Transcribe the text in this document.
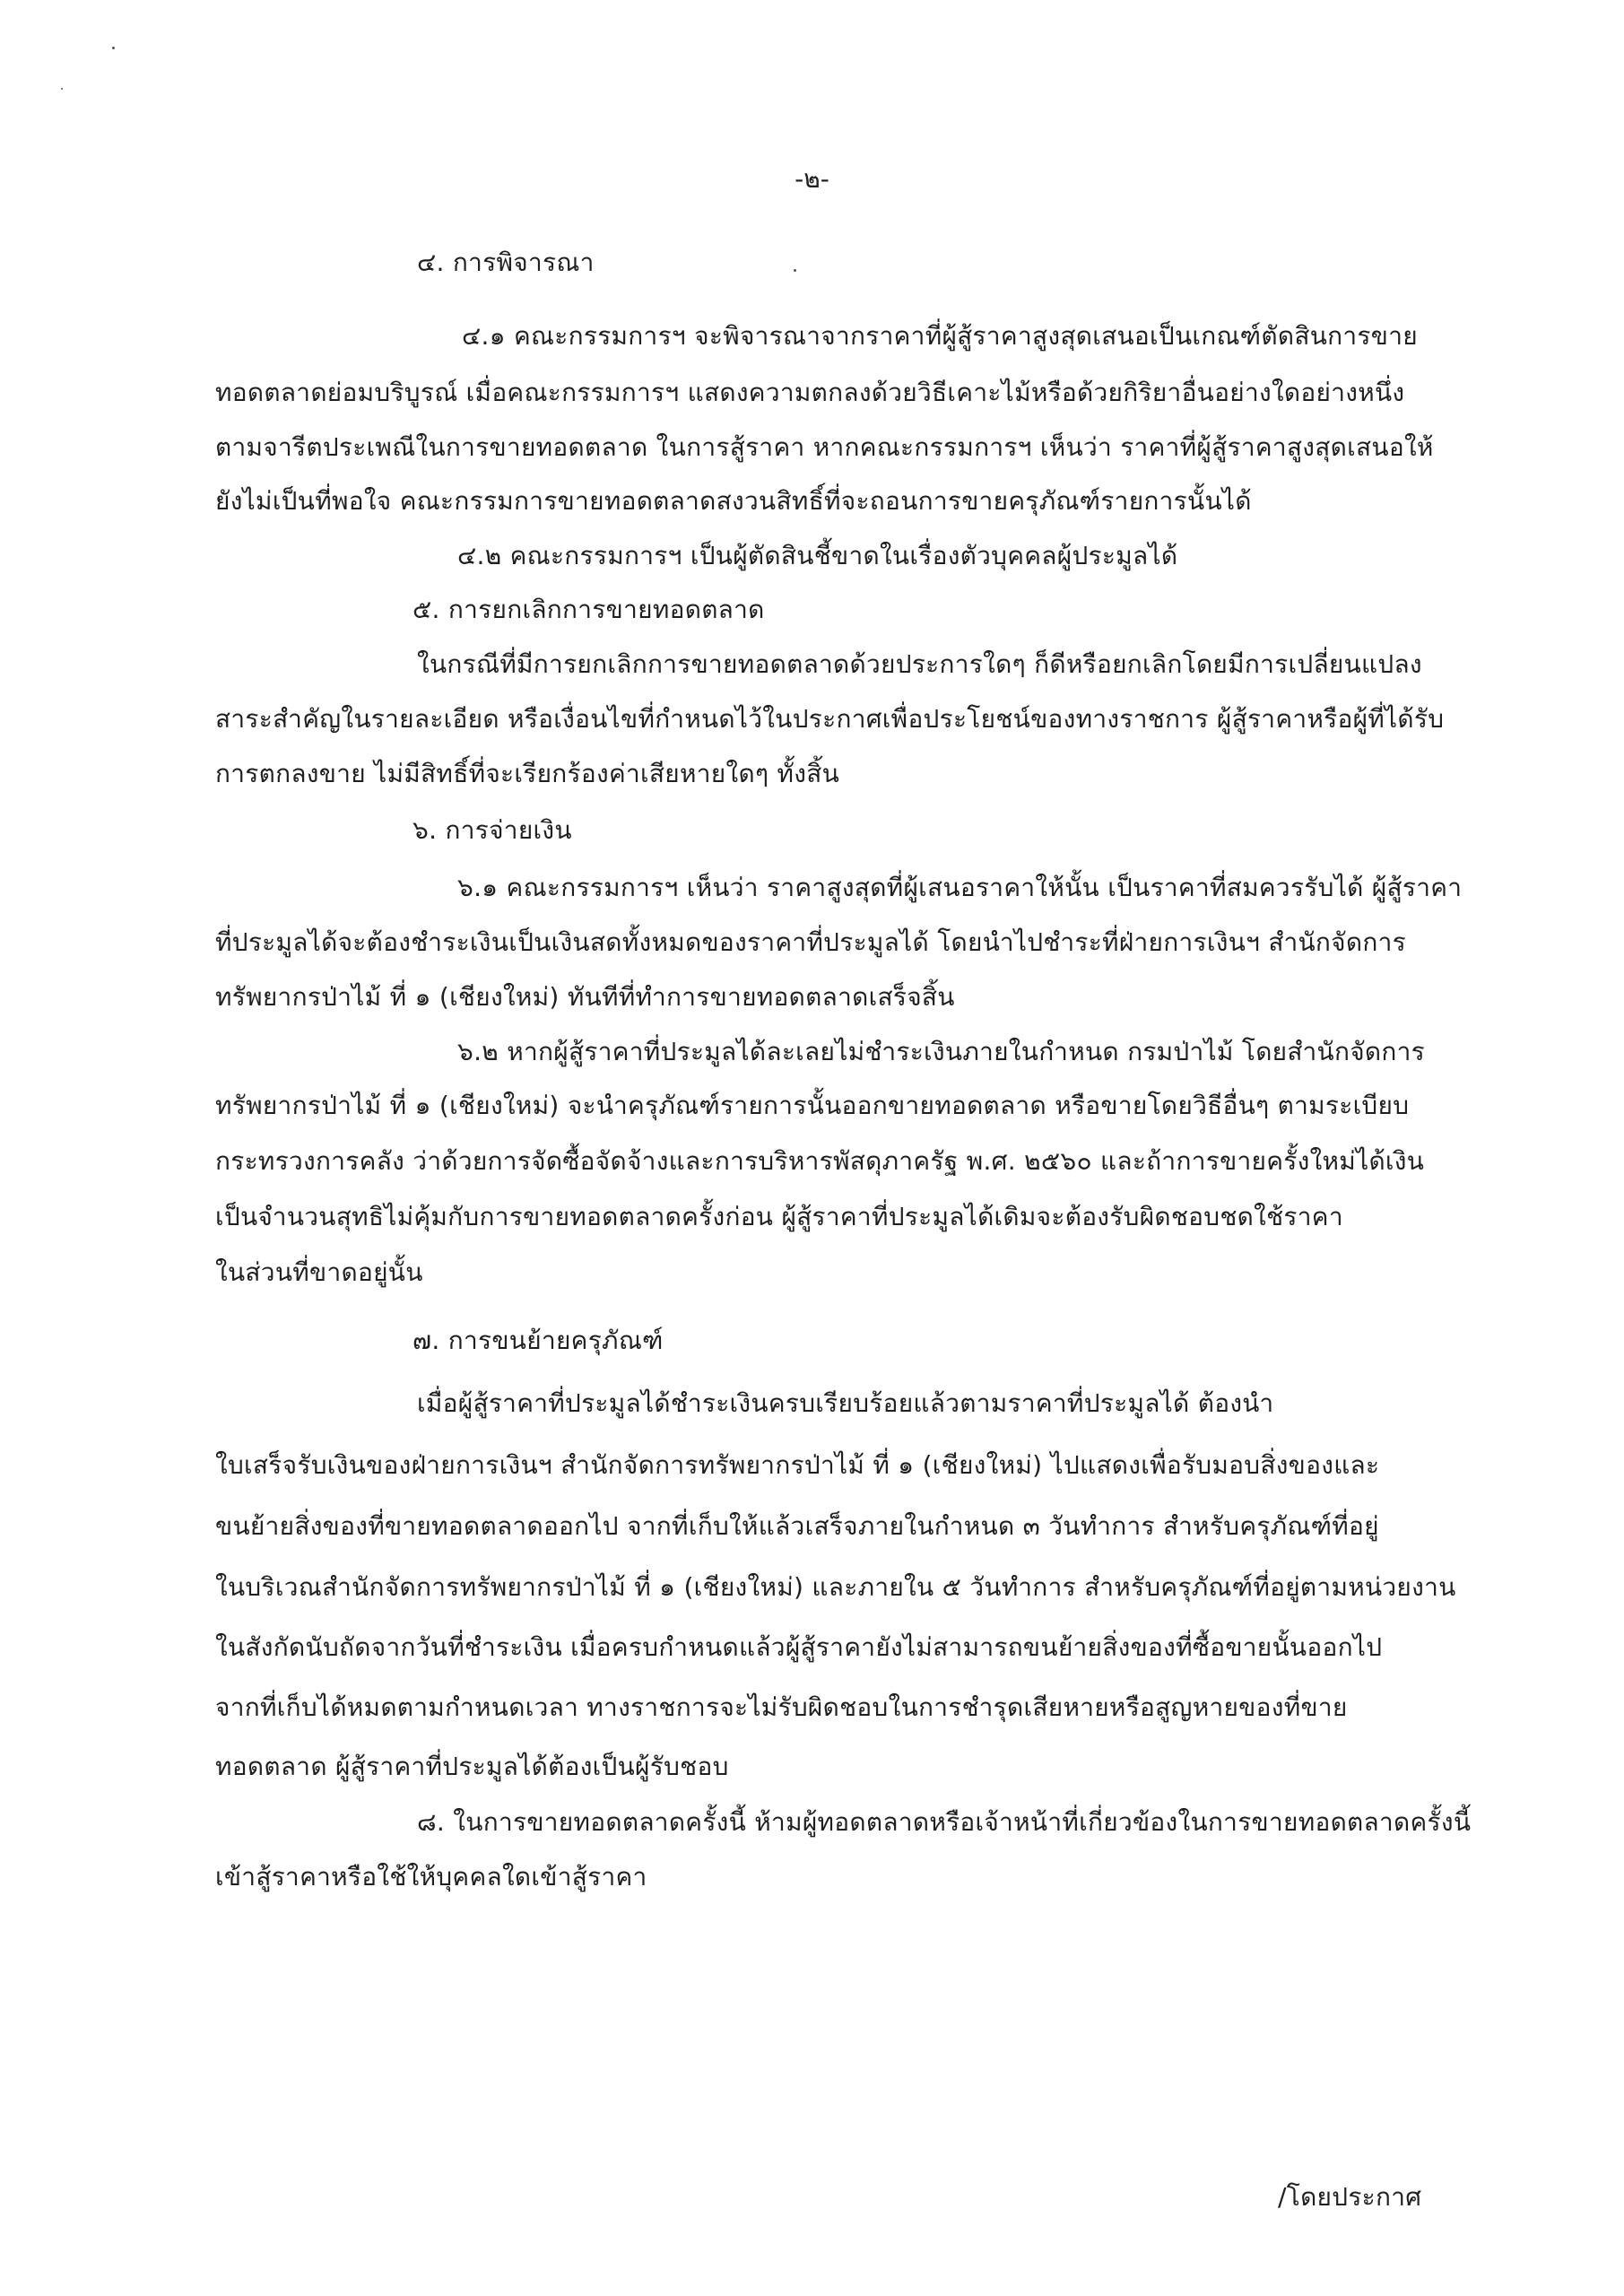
-๒-
๔. การพิจารณา
๔.๑ คณะกรรมการฯ จะพิจารณาจากราคาที่ผู้สู้ราคาสูงสุดเสนอเป็นเกณฑ์ตัดสินการขาย
ทอดตลาดย่อมบริบูรณ์ เมื่อคณะกรรมการฯ แสดงความตกลงด้วยวิธีเคาะไม้หรือด้วยกิริยาอื่นอย่างใดอย่างหนึ่ง
ตามจารีตประเพณีในการขายทอดตลาด ในการสู้ราคา หากคณะกรรมการฯ เห็นว่า ราคาที่ผู้สู้ราคาสูงสุดเสนอให้
ยังไม่เป็นที่พอใจ คณะกรรมการขายทอดตลาดสงวนสิทธิ์ที่จะถอนการขายครุภัณฑ์รายการนั้นได้
๔.๒ คณะกรรมการฯ เป็นผู้ตัดสินชี้ขาดในเรื่องตัวบุคคลผู้ประมูลได้
๕. การยกเลิกการขายทอดตลาด
ในกรณีที่มีการยกเลิกการขายทอดตลาดด้วยประการใดๆ ก็ดีหรือยกเลิกโดยมีการเปลี่ยนแปลง
สาระสำคัญในรายละเอียด หรือเงื่อนไขที่กำหนดไว้ในประกาศเพื่อประโยชน์ของทางราชการ ผู้สู้ราคาหรือผู้ที่ได้รับ
การตกลงขาย ไม่มีสิทธิ์ที่จะเรียกร้องค่าเสียหายใดๆ ทั้งสิ้น
๖. การจ่ายเงิน
๖.๑ คณะกรรมการฯ เห็นว่า ราคาสูงสุดที่ผู้เสนอราคาให้นั้น เป็นราคาที่สมควรรับได้ ผู้สู้ราคา
ที่ประมูลได้จะต้องชำระเงินเป็นเงินสดทั้งหมดของราคาที่ประมูลได้ โดยนำไปชำระที่ฝ่ายการเงินฯ สำนักจัดการ
ทรัพยากรป่าไม้ ที่ ๑ (เชียงใหม่) ทันทีที่ทำการขายทอดตลาดเสร็จสิ้น
๖.๒ หากผู้สู้ราคาที่ประมูลได้ละเลยไม่ชำระเงินภายในกำหนด กรมป่าไม้ โดยสำนักจัดการ
ทรัพยากรป่าไม้ ที่ ๑ (เชียงใหม่) จะนำครุภัณฑ์รายการนั้นออกขายทอดตลาด หรือขายโดยวิธีอื่นๆ ตามระเบียบ
กระทรวงการคลัง ว่าด้วยการจัดซื้อจัดจ้างและการบริหารพัสดุภาครัฐ พ.ศ. ๒๕๖๐ และถ้าการขายครั้งใหม่ได้เงิน
เป็นจำนวนสุทธิไม่คุ้มกับการขายทอดตลาดครั้งก่อน ผู้สู้ราคาที่ประมูลได้เดิมจะต้องรับผิดชอบชดใช้ราคา
ในส่วนที่ขาดอยู่นั้น
๗. การขนย้ายครุภัณฑ์
เมื่อผู้สู้ราคาที่ประมูลได้ชำระเงินครบเรียบร้อยแล้วตามราคาที่ประมูลได้ ต้องนำ
ใบเสร็จรับเงินของฝ่ายการเงินฯ สำนักจัดการทรัพยากรป่าไม้ ที่ ๑ (เชียงใหม่) ไปแสดงเพื่อรับมอบสิ่งของและ
ขนย้ายสิ่งของที่ขายทอดตลาดออกไป จากที่เก็บให้แล้วเสร็จภายในกำหนด ๓ วันทำการ สำหรับครุภัณฑ์ที่อยู่
ในบริเวณสำนักจัดการทรัพยากรป่าไม้ ที่ ๑ (เชียงใหม่) และภายใน ๕ วันทำการ สำหรับครุภัณฑ์ที่อยู่ตามหน่วยงาน
ในสังกัดนับถัดจากวันที่ชำระเงิน เมื่อครบกำหนดแล้วผู้สู้ราคายังไม่สามารถขนย้ายสิ่งของที่ซื้อขายนั้นออกไป
จากที่เก็บได้หมดตามกำหนดเวลา ทางราชการจะไม่รับผิดชอบในการชำรุดเสียหายหรือสูญหายของที่ขาย
ทอดตลาด ผู้สู้ราคาที่ประมูลได้ต้องเป็นผู้รับชอบ
๘. ในการขายทอดตลาดครั้งนี้ ห้ามผู้ทอดตลาดหรือเจ้าหน้าที่เกี่ยวข้องในการขายทอดตลาดครั้งนี้
เข้าสู้ราคาหรือใช้ให้บุคคลใดเข้าสู้ราคา
/โดยประกาศ
